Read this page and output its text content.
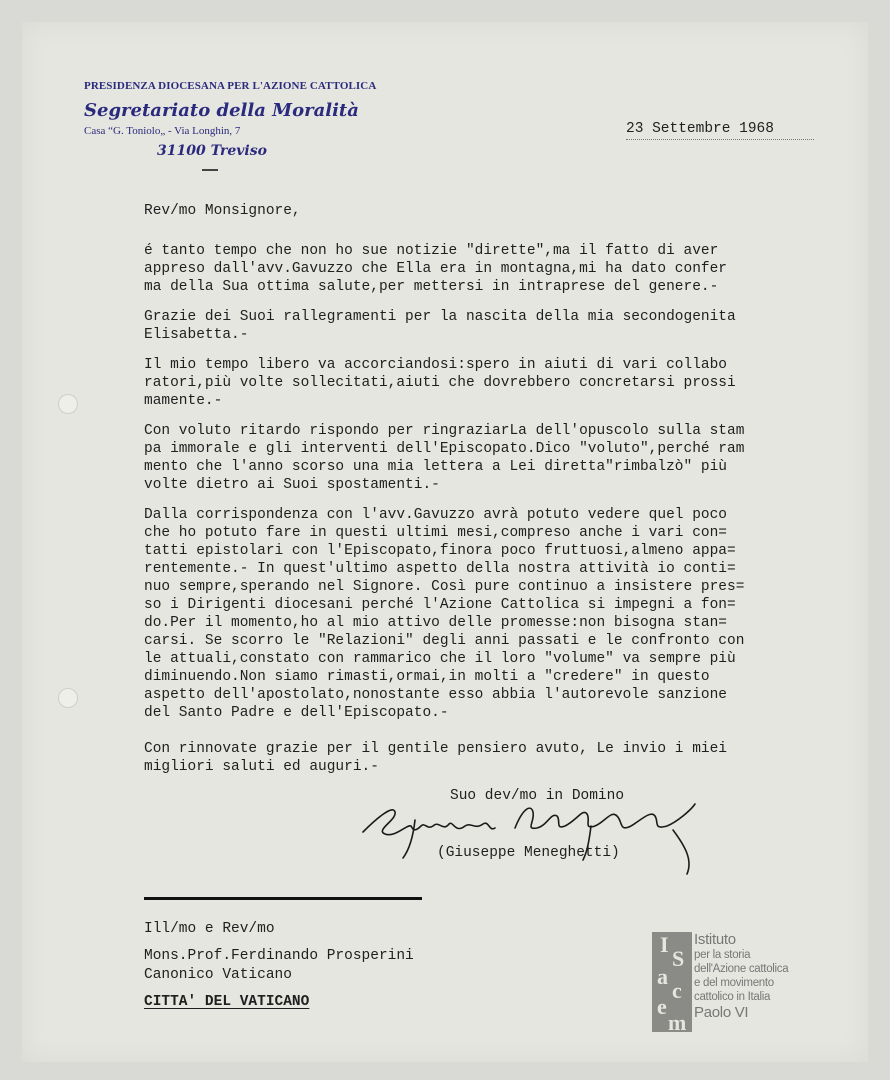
PRESIDENZA DIOCESANA PER L'AZIONE CATTOLICA
Segretariato della Moralità
Casa “G. Toniolo„ - Via Longhin, 7
31100 Treviso
23 Settembre 1968
Rev/mo Monsignore,
é tanto tempo che non ho sue notizie "dirette",ma il fatto di aver
appreso dall'avv.Gavuzzo che Ella era in montagna,mi ha dato confer
ma della Sua ottima salute,per mettersi in intraprese del genere.-
Grazie dei Suoi rallegramenti per la nascita della mia secondogenita
Elisabetta.-
Il mio tempo libero va accorciandosi:spero in aiuti di vari collabo
ratori,più volte sollecitati,aiuti che dovrebbero concretarsi prossi
mamente.-
Con voluto ritardo rispondo per ringraziarLa dell'opuscolo sulla stam
pa immorale e gli interventi dell'Episcopato.Dico "voluto",perché ram
mento che l'anno scorso una mia lettera a Lei diretta"rimbalzò" più
volte dietro ai Suoi spostamenti.-
Dalla corrispondenza con l'avv.Gavuzzo avrà potuto vedere quel poco
che ho potuto fare in questi ultimi mesi,compreso anche i vari con=
tatti epistolari con l'Episcopato,finora poco fruttuosi,almeno appa=
rentemente.- In quest'ultimo aspetto della nostra attività io conti=
nuo sempre,sperando nel Signore. Così pure continuo a insistere pres=
so i Dirigenti diocesani perché l'Azione Cattolica si impegni a fon=
do.Per il momento,ho al mio attivo delle promesse:non bisogna stan=
carsi. Se scorro le "Relazioni" degli anni passati e le confronto con
le attuali,constato con rammarico che il loro "volume" va sempre più
diminuendo.Non siamo rimasti,ormai,in molti a "credere" in questo
aspetto dell'apostolato,nonostante esso abbia l'autorevole sanzione
del Santo Padre e dell'Episcopato.-
Con rinnovate grazie per il gentile pensiero avuto, Le invio i miei
migliori saluti ed auguri.-
Suo dev/mo in Domino
(Giuseppe Meneghetti)
Ill/mo e Rev/mo
Mons.Prof.Ferdinando Prosperini
Canonico Vaticano
CITTA' DEL VATICANO
I
S
a
c
e
m
Istituto
per la storia
dell'Azione cattolica
e del movimento
cattolico in Italia
Paolo VI
